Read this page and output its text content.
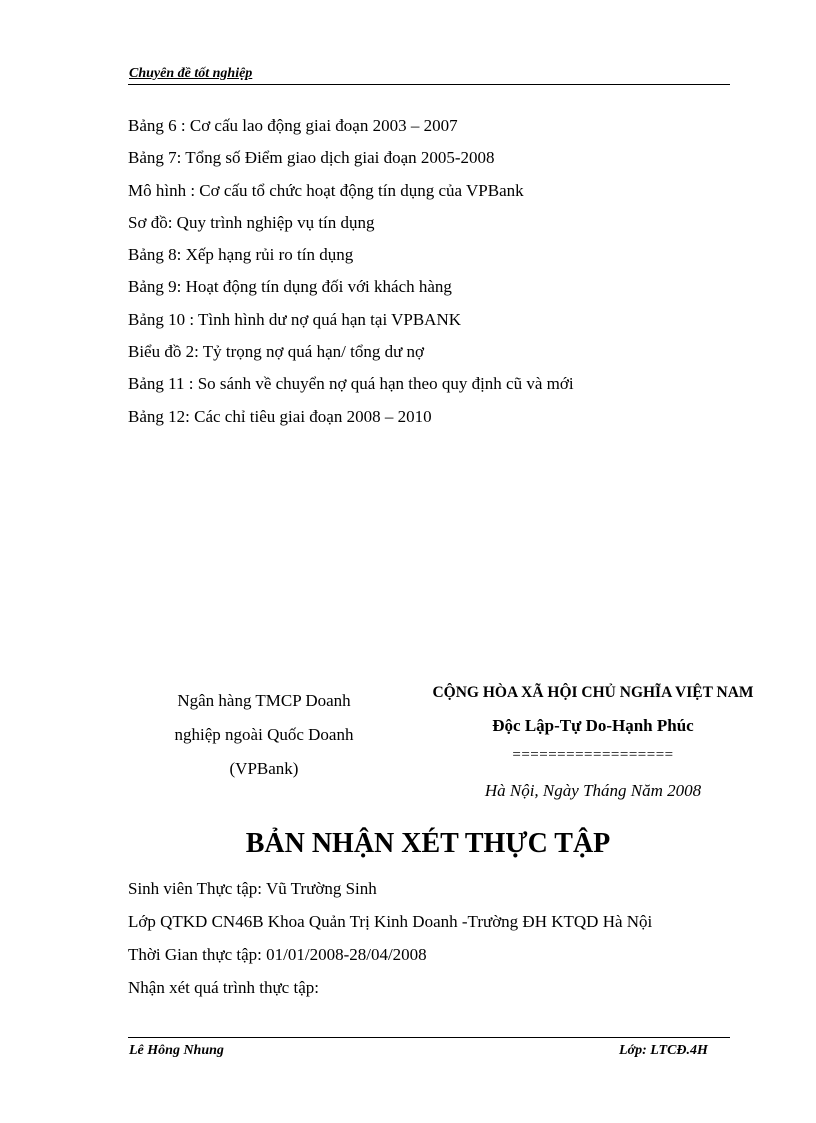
Chuyên đề tốt nghiệp
Bảng 6 : Cơ cấu lao động giai đoạn 2003 – 2007
Bảng 7: Tổng số Điểm giao dịch giai đoạn 2005-2008
Mô hình : Cơ cấu tổ chức hoạt động tín dụng của VPBank
Sơ đồ: Quy trình nghiệp vụ tín dụng
Bảng 8: Xếp hạng rủi ro tín dụng
Bảng 9: Hoạt động tín dụng đối với khách hàng
Bảng 10 : Tình hình dư nợ quá hạn tại VPBANK
Biểu đồ 2: Tỷ trọng nợ quá hạn/ tổng dư nợ
Bảng 11 : So sánh về chuyển nợ quá hạn theo quy định cũ và mới
Bảng 12: Các chỉ tiêu giai đoạn 2008 – 2010
Ngân hàng TMCP Doanh
nghiệp ngoài Quốc Doanh
(VPBank)
CỘNG HÒA XÃ HỘI CHỦ NGHĨA VIỆT NAM
Độc Lập-Tự Do-Hạnh Phúc
==================
Hà Nội, Ngày Tháng Năm 2008
BẢN NHẬN XÉT THỰC TẬP
Sinh viên Thực tập: Vũ Trường Sinh
Lớp QTKD CN46B Khoa Quản Trị Kinh Doanh -Trường ĐH KTQD Hà Nội
Thời Gian thực tập: 01/01/2008-28/04/2008
Nhận xét quá trình thực tập:
Lê Hông Nhung	Lớp: LTCĐ.4H
